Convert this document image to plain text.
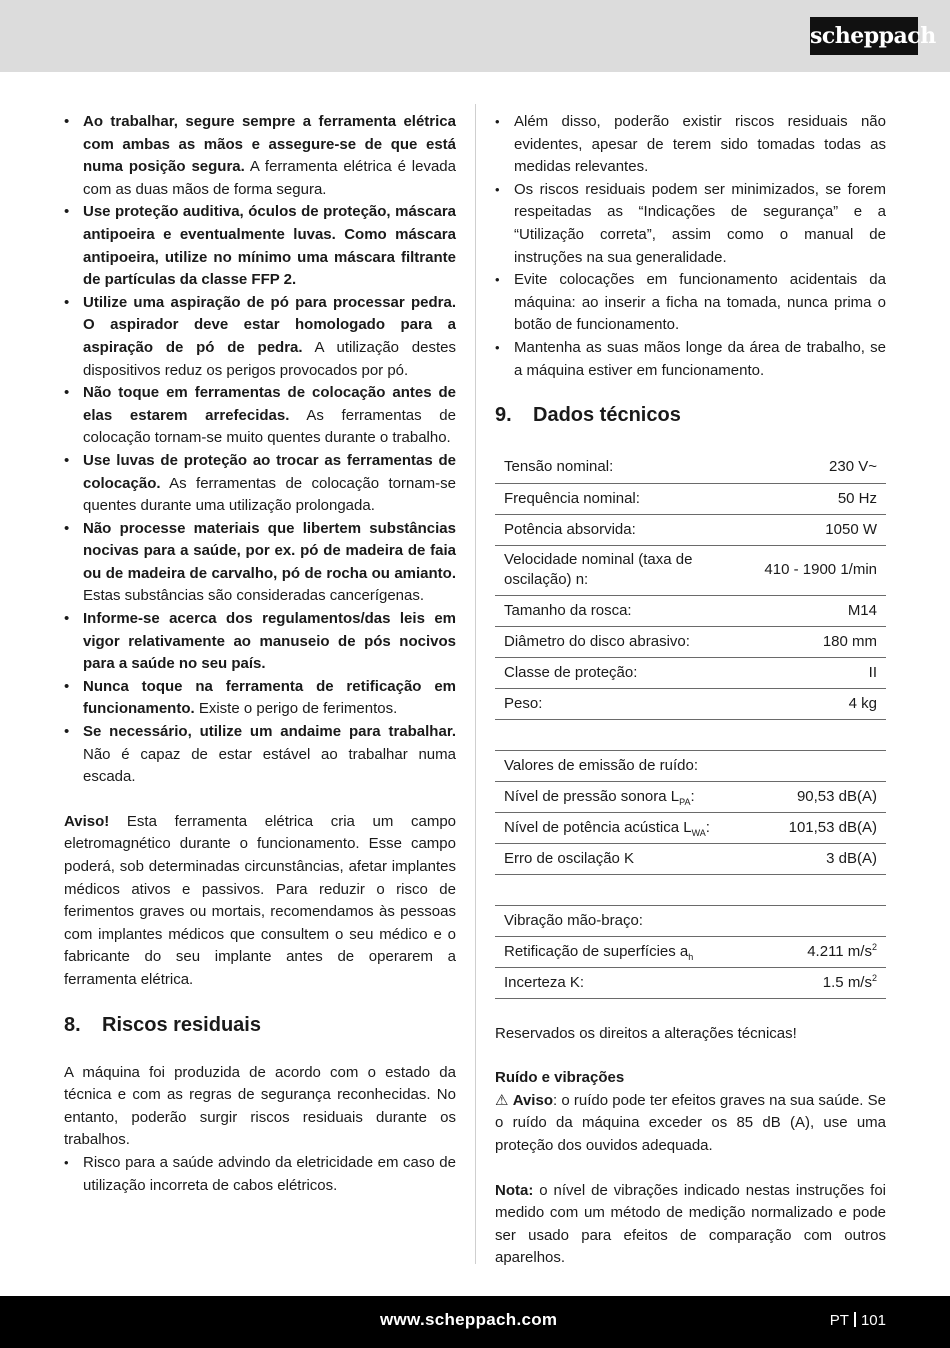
scheppach
• Ao trabalhar, segure sempre a ferramenta elétrica com ambas as mãos e assegure-se de que está numa posição segura. A ferramenta elétrica é levada com as duas mãos de forma segura.
• Use proteção auditiva, óculos de proteção, máscara antipoeira e eventualmente luvas. Como máscara antipoeira, utilize no mínimo uma máscara filtrante de partículas da classe FFP 2.
• Utilize uma aspiração de pó para processar pedra. O aspirador deve estar homologado para a aspiração de pó de pedra. A utilização destes dispositivos reduz os perigos provocados por pó.
• Não toque em ferramentas de colocação antes de elas estarem arrefecidas. As ferramentas de colocação tornam-se muito quentes durante o trabalho.
• Use luvas de proteção ao trocar as ferramentas de colocação. As ferramentas de colocação tornam-se quentes durante uma utilização prolongada.
• Não processe materiais que libertem substâncias nocivas para a saúde, por ex. pó de madeira de faia ou de madeira de carvalho, pó de rocha ou amianto. Estas substâncias são consideradas cancerígenas.
• Informe-se acerca dos regulamentos/das leis em vigor relativamente ao manuseio de pós nocivos para a saúde no seu país.
• Nunca toque na ferramenta de retificação em funcionamento. Existe o perigo de ferimentos.
• Se necessário, utilize um andaime para trabalhar. Não é capaz de estar estável ao trabalhar numa escada.

Aviso! Esta ferramenta elétrica cria um campo eletromagnético durante o funcionamento. Esse campo poderá, sob determinadas circunstâncias, afetar implantes médicos ativos e passivos. Para reduzir o risco de ferimentos graves ou mortais, recomendamos às pessoas com implantes médicos que consultem o seu médico e o fabricante do seu implante antes de operarem a ferramenta elétrica.

8.	Riscos residuais

A máquina foi produzida de acordo com o estado da técnica e com as regras de segurança reconhecidas. No entanto, poderão surgir riscos residuais durante os trabalhos.

• Risco para a saúde advindo da eletricidade em caso de utilização incorreta de cabos elétricos.
• Além disso, poderão existir riscos residuais não evidentes, apesar de terem sido tomadas todas as medidas relevantes.
• Os riscos residuais podem ser minimizados, se forem respeitadas as “Indicações de segurança” e a “Utilização correta”, assim como o manual de instruções na sua generalidade.
• Evite colocações em funcionamento acidentais da máquina: ao inserir a ficha na tomada, nunca prima o botão de funcionamento.
• Mantenha as suas mãos longe da área de trabalho, se a máquina estiver em funcionamento.
9.	Dados técnicos
Tensão nominal:	230 V~
Frequência nominal:	50 Hz
Potência absorvida:	1050 W
Velocidade nominal (taxa de oscilação) n:	410 - 1900 1/min
Tamanho da rosca:	M14
Diâmetro do disco abrasivo:	180 mm
Classe de proteção:	II
Peso:	4 kg
Valores de emissão de ruído:	
Nível de pressão sonora $L_{PA}$:	90,53 dB(A)
Nível de potência acústica $L_{WA}$:	101,53 dB(A)
Erro de oscilação K	3 dB(A)
Vibração mão-braço:	
Retificação de superfícies $a_h$	4.211 $m/s^2$
Incerteza K:	1.5 $m/s^2$

Reservados os direitos a alterações técnicas!

Ruído e vibrações

⚠ Aviso: o ruído pode ter efeitos graves na sua saúde. Se o ruído da máquina exceder os 85 dB (A), use uma proteção dos ouvidos adequada.

Nota: o nível de vibrações indicado nestas instruções foi medido com um método de medição normalizado e pode ser usado para efeitos de comparação com outros aparelhos.

www.scheppach.com	PT 101
